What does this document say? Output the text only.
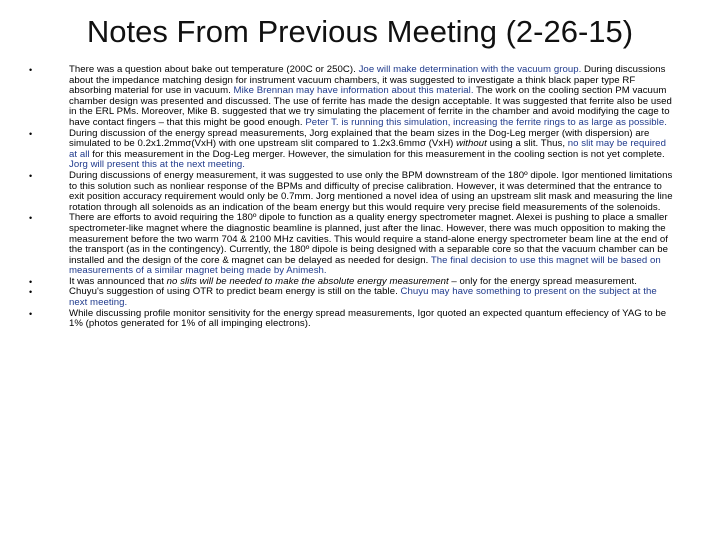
Notes From Previous Meeting (2-26-15)
•	There was a question about bake out temperature (200C or 250C). Joe will make determination with the vacuum group. During discussions about the impedance matching design for instrument vacuum chambers, it was suggested to investigate a think black paper type RF absorbing material for use in vacuum. Mike Brennan may have information about this material. The work on the cooling section PM vacuum chamber design was presented and discussed. The use of ferrite has made the design acceptable. It was suggested that ferrite also be used in the ERL PMs. Moreover, Mike B. suggested that we try simulating the placement of ferrite in the chamber and avoid modifying the cage to have contact fingers – that this might be good enough. Peter T. is running this simulation, increasing the ferrite rings to as large as possible.
•	During discussion of the energy spread measurements, Jorg explained that the beam sizes in the Dog-Leg merger (with dispersion) are simulated to be 0.2x1.2mmσ(VxH) with one upstream slit compared to 1.2x3.6mmσ (VxH) without using a slit. Thus, no slit may be required at all for this measurement in the Dog-Leg merger. However, the simulation for this measurement in the cooling section is not yet complete. Jorg will present this at the next meeting.
•	During discussions of energy measurement, it was suggested to use only the BPM downstream of the 180º dipole. Igor mentioned limitations to this solution such as nonliear response of the BPMs and difficulty of precise calibration. However, it was determined that the entrance to exit position accuracy requirement would only be 0.7mm. Jorg mentioned a novel idea of using an upstream slit mask and measuring the line rotation through all solenoids as an indication of the beam energy but this would require very precise field measurements of the solenoids.
•	There are efforts to avoid requiring the 180º dipole to function as a quality energy spectrometer magnet. Alexei is pushing to place a smaller spectrometer-like magnet where the diagnostic beamline is planned, just after the linac. However, there was much opposition to making the measurement before the two warm 704 & 2100 MHz cavities. This would require a stand-alone energy spectrometer beam line at the end of the transport (as in the contingency). Currently, the 180º dipole is being designed with a separable core so that the vacuum chamber can be installed and the design of the core & magnet can be delayed as needed for design. The final decision to use this magnet will be based on measurements of a similar magnet being made by Animesh.
•	It was announced that no slits will be needed to make the absolute energy measurement – only for the energy spread measurement.
•	Chuyu's suggestion of using OTR to predict beam energy is still on the table. Chuyu may have something to present on the subject at the next meeting.
•	While discussing profile monitor sensitivity for the energy spread measurements, Igor quoted an expected quantum effeciency of YAG to be 1% (photos generated for 1% of all impinging electrons).
